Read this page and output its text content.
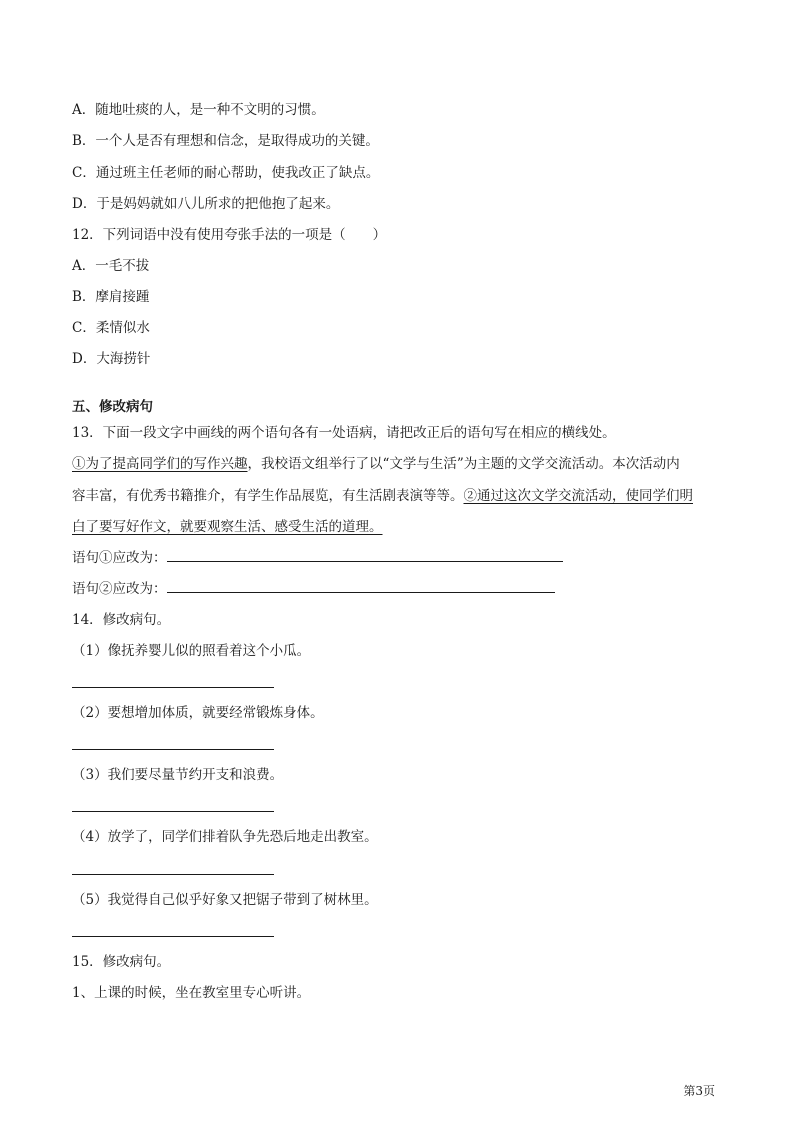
A．随地吐痰的人，是一种不文明的习惯。
B．一个人是否有理想和信念，是取得成功的关键。
C．通过班主任老师的耐心帮助，使我改正了缺点。
D．于是妈妈就如八儿所求的把他抱了起来。
12．下列词语中没有使用夸张手法的一项是（　　）
A．一毛不拔
B．摩肩接踵
C．柔情似水
D．大海捞针
五、修改病句
13．下面一段文字中画线的两个语句各有一处语病，请把改正后的语句写在相应的横线处。
①为了提高同学们的写作兴趣，我校语文组举行了以“文学与生活”为主题的文学交流活动。本次活动内
容丰富，有优秀书籍推介，有学生作品展览，有生活剧表演等等。②通过这次文学交流活动，使同学们明
白了要写好作文，就要观察生活、感受生活的道理。
语句①应改为：
语句②应改为：
14．修改病句。
（1）像抚养婴儿似的照看着这个小瓜。
（2）要想增加体质，就要经常锻炼身体。
（3）我们要尽量节约开支和浪费。
（4）放学了，同学们排着队争先恐后地走出教室。
（5）我觉得自己似乎好象又把锯子带到了树林里。
15．修改病句。
1、上课的时候，坐在教室里专心听讲。
第3页
